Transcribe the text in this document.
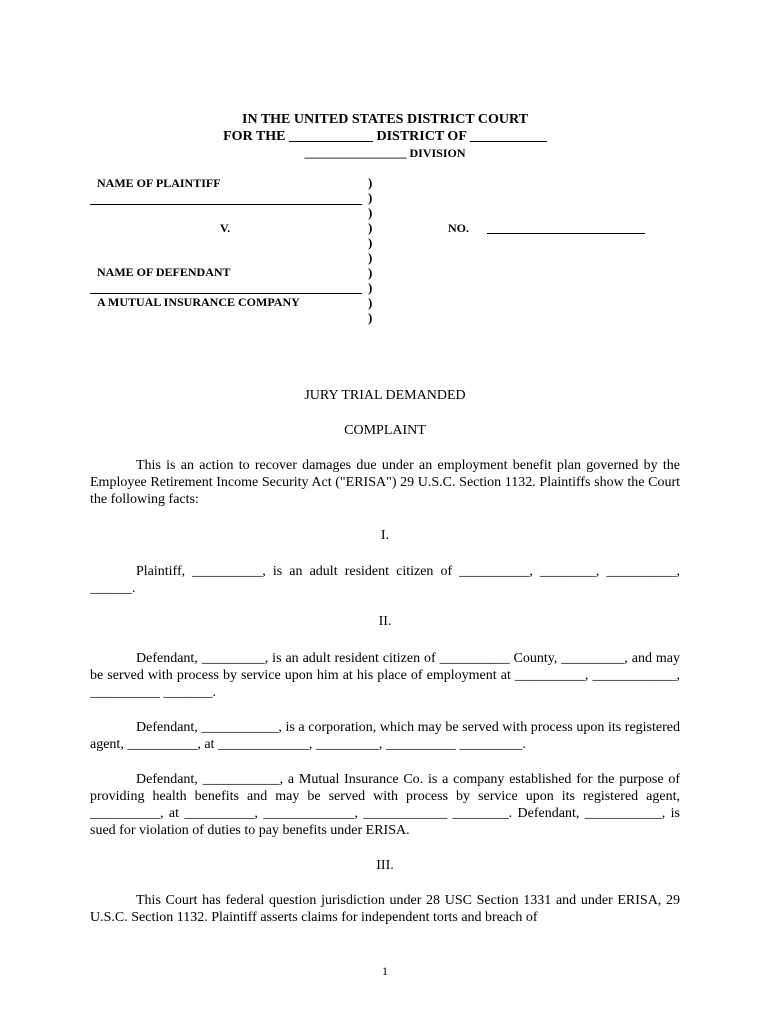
IN THE UNITED STATES DISTRICT COURT
FOR THE ____________ DISTRICT OF ___________
_________________ DIVISION
NAME OF PLAINTIFF
V.	NO.
NAME OF DEFENDANT
A MUTUAL INSURANCE COMPANY
)
)
)
)
)
)
)
)
)
)
JURY TRIAL DEMANDED
COMPLAINT

This is an action to recover damages due under an employment benefit plan governed by the Employee Retirement Income Security Act ("ERISA") 29 U.S.C. Section 1132. Plaintiffs show the Court the following facts:

I.

Plaintiff, __________, is an adult resident citizen of __________, ________, __________, ______.

II.

Defendant, _________, is an adult resident citizen of __________ County, _________, and may be served with process by service upon him at his place of employment at __________, ____________, __________ _______.

Defendant, ___________, is a corporation, which may be served with process upon its registered agent, __________, at _____________, _________, __________ _________.

Defendant, ___________, a Mutual Insurance Co. is a company established for the purpose of providing health benefits and may be served with process by service upon its registered agent, __________, at __________, _____________, ____________ ________. Defendant, ___________, is sued for violation of duties to pay benefits under ERISA.

III.

This Court has federal question jurisdiction under 28 USC Section 1331 and under ERISA, 29 U.S.C. Section 1132. Plaintiff asserts claims for independent torts and breach of

1
